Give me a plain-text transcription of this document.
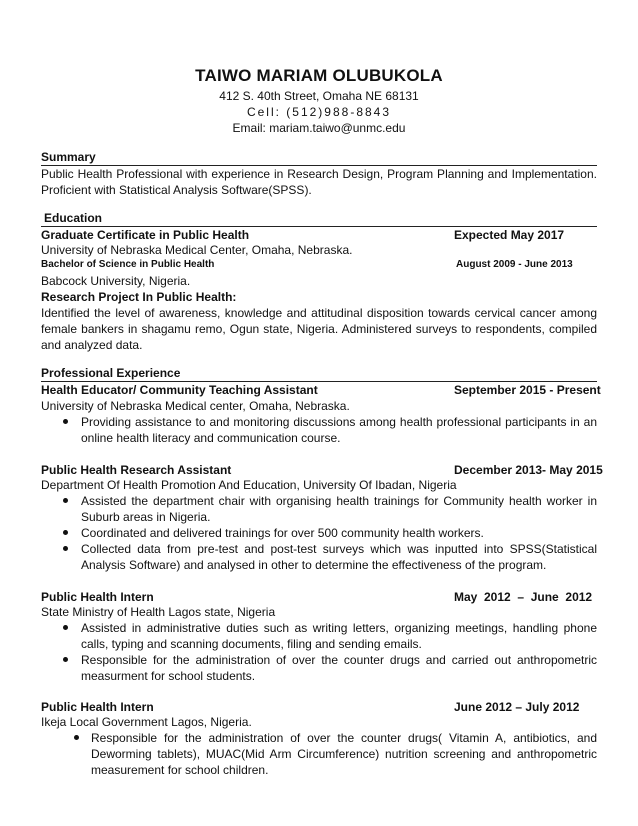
TAIWO MARIAM OLUBUKOLA
412 S. 40th Street, Omaha NE 68131
Cell: (512)988-8843
Email: mariam.taiwo@unmc.edu
Summary
Public Health Professional with experience in Research Design, Program Planning and Implementation. Proficient with Statistical Analysis Software(SPSS).
Education
Graduate Certificate in Public Health	Expected May 2017
University of Nebraska Medical Center, Omaha, Nebraska.
Bachelor of Science in Public Health	August 2009 - June 2013
Babcock University, Nigeria.
Research Project In Public Health:
Identified the level of awareness, knowledge and attitudinal disposition towards cervical cancer among female bankers in shagamu remo, Ogun state, Nigeria. Administered surveys to respondents, compiled and analyzed data.
Professional Experience
Health Educator/ Community Teaching Assistant	September 2015 - Present
University of Nebraska Medical center, Omaha, Nebraska.
Providing assistance to and monitoring discussions among health professional participants in an online health literacy and communication course.
Public Health Research Assistant	December 2013- May 2015
Department Of Health Promotion And Education, University Of Ibadan, Nigeria
Assisted the department chair with organising health trainings for Community health worker in Suburb areas in Nigeria.
Coordinated and delivered trainings for over 500 community health workers.
Collected data from pre-test and post-test surveys which was inputted into SPSS(Statistical Analysis Software) and analysed in other to determine the effectiveness of the program.
Public Health Intern	May  2012  –  June  2012
State Ministry of Health Lagos state, Nigeria
Assisted in administrative duties such as writing letters, organizing meetings, handling phone calls, typing and scanning documents, filing and sending emails.
Responsible for the administration of over the counter drugs and carried out anthropometric measurment for school students.
Public Health Intern	June 2012 – July 2012
Ikeja Local Government Lagos, Nigeria.
Responsible for the administration of over the counter drugs( Vitamin A, antibiotics, and Deworming tablets), MUAC(Mid Arm Circumference) nutrition screening and anthropometric measurement for school children.
